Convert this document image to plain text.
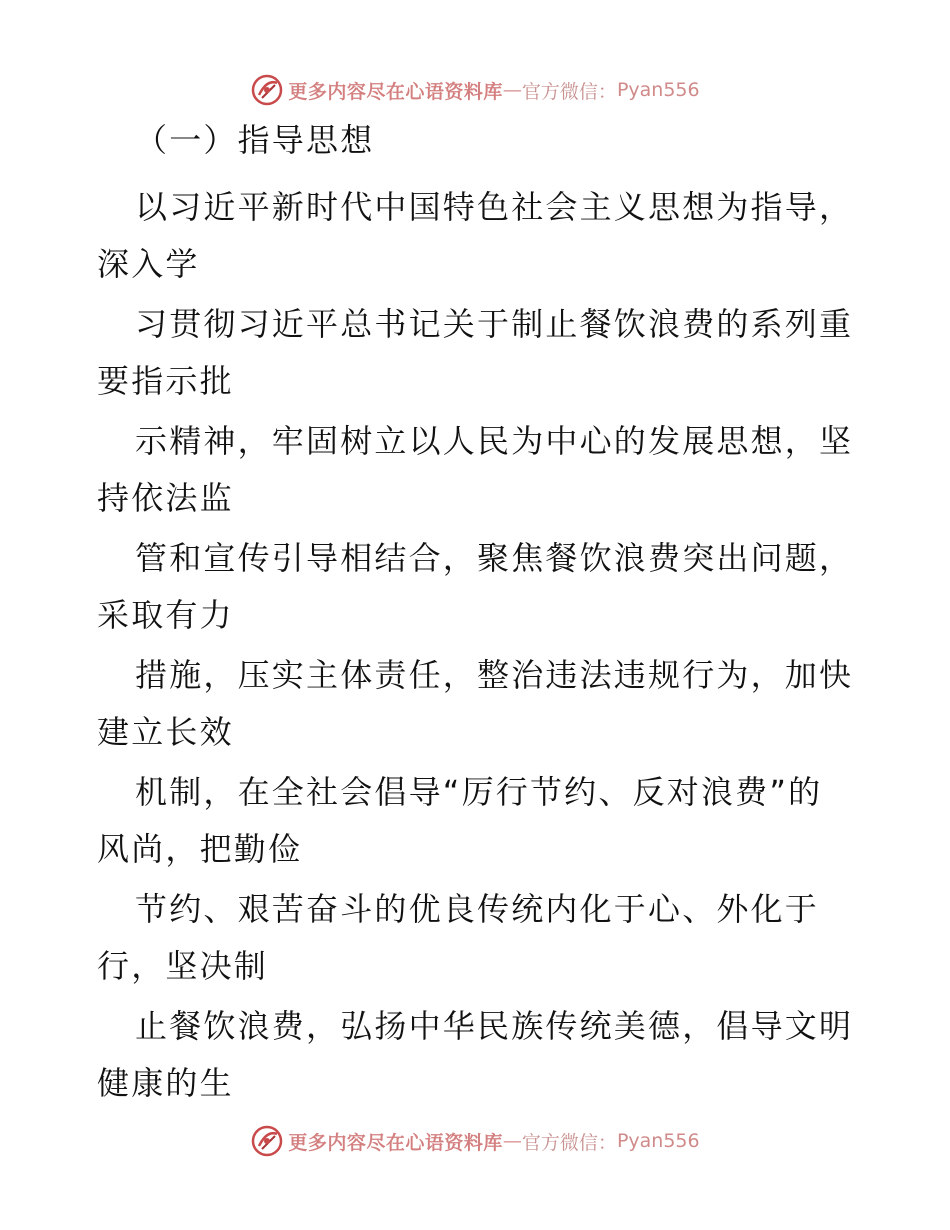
更多内容尽在心语资料库 — 官方微信： Pyan556
（一）指导思想
以习近平新时代中国特色社会主义思想为指导，
深入学
习贯彻习近平总书记关于制止餐饮浪费的系列重
要指示批
示精神，牢固树立以人民为中心的发展思想，坚
持依法监
管和宣传引导相结合，聚焦餐饮浪费突出问题，
采取有力
措施，压实主体责任，整治违法违规行为，加快
建立长效
机制，在全社会倡导“厉行节约、反对浪费”的
风尚，把勤俭
节约、艰苦奋斗的优良传统内化于心、外化于
行，坚决制
止餐饮浪费，弘扬中华民族传统美德，倡导文明
健康的生
更多内容尽在心语资料库 — 官方微信： Pyan556
